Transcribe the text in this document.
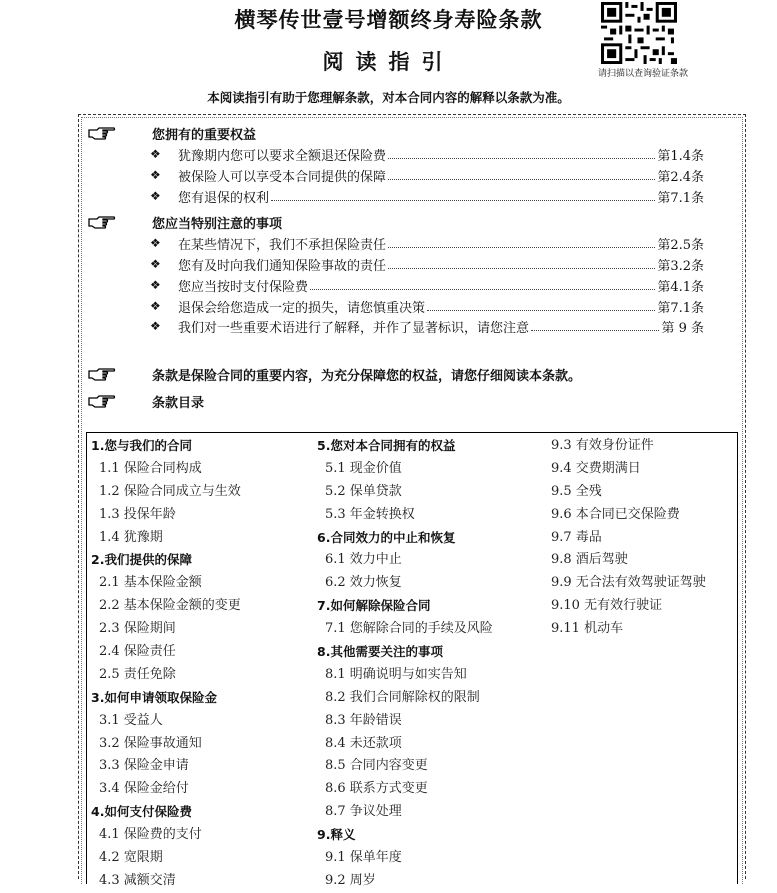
横琴传世壹号增额终身寿险条款
阅读指引	请扫描以查询验证条款
本阅读指引有助于您理解条款，对本合同内容的解释以条款为准。
您拥有的重要权益
❖ 犹豫期内您可以要求全额退还保险费	第1.4条
❖ 被保险人可以享受本合同提供的保障	第2.4条
❖ 您有退保的权利	第7.1条
您应当特别注意的事项
❖ 在某些情况下，我们不承担保险责任	第2.5条
❖ 您有及时向我们通知保险事故的责任	第3.2条
❖ 您应当按时支付保险费	第4.1条
❖ 退保会给您造成一定的损失，请您慎重决策	第7.1条
❖ 我们对一些重要术语进行了解释，并作了显著标识，请您注意	第 9 条
条款是保险合同的重要内容，为充分保障您的权益，请您仔细阅读本条款。
条款目录
1.您与我们的合同
1.1 保险合同构成
1.2 保险合同成立与生效
1.3 投保年龄
1.4 犹豫期
2.我们提供的保障
2.1 基本保险金额
2.2 基本保险金额的变更
2.3 保险期间
2.4 保险责任
2.5 责任免除
3.如何申请领取保险金
3.1 受益人
3.2 保险事故通知
3.3 保险金申请
3.4 保险金给付
4.如何支付保险费
4.1 保险费的支付
4.2 宽限期
4.3 减额交清
5.您对本合同拥有的权益
5.1 现金价值
5.2 保单贷款
5.3 年金转换权
6.合同效力的中止和恢复
6.1 效力中止
6.2 效力恢复
7.如何解除保险合同
7.1 您解除合同的手续及风险
8.其他需要关注的事项
8.1 明确说明与如实告知
8.2 我们合同解除权的限制
8.3 年龄错误
8.4 未还款项
8.5 合同内容变更
8.6 联系方式变更
8.7 争议处理
9.释义
9.1 保单年度
9.2 周岁
9.3 有效身份证件
9.4 交费期满日
9.5 全残
9.6 本合同已交保险费
9.7 毒品
9.8 酒后驾驶
9.9 无合法有效驾驶证驾驶
9.10 无有效行驶证
9.11 机动车
